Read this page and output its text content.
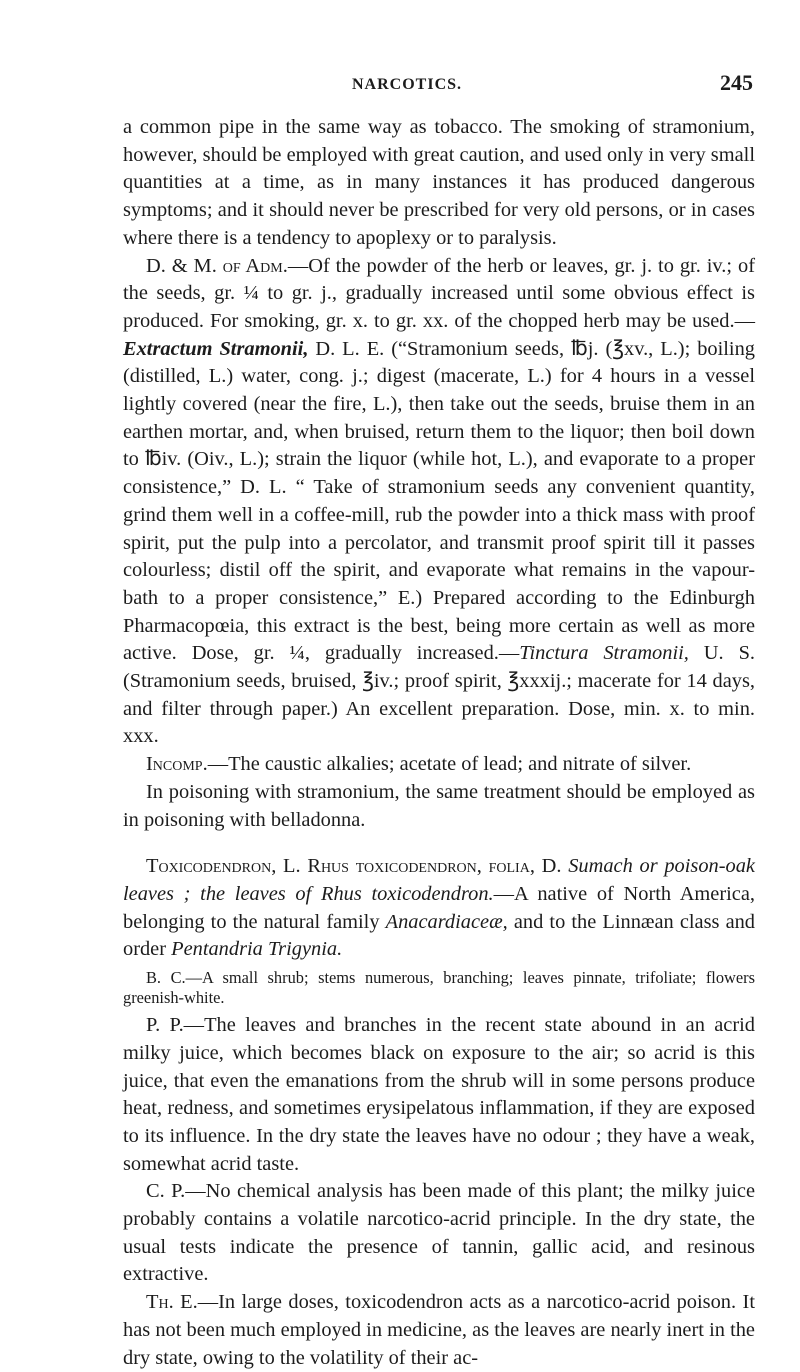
NARCOTICS.	245

a common pipe in the same way as tobacco. The smoking of stramonium, however, should be employed with great caution, and used only in very small quantities at a time, as in many instances it has produced dangerous symptoms; and it should never be prescribed for very old persons, or in cases where there is a tendency to apoplexy or to paralysis.

D. & M. of Adm.—Of the powder of the herb or leaves, gr. j. to gr. iv.; of the seeds, gr. ¼ to gr. j., gradually increased until some obvious effect is produced. For smoking, gr. x. to gr. xx. of the chopped herb may be used.—Extractum Stramonii, D. L. E. (“Stramonium seeds, ℔j. (℥xv., L.); boiling (distilled, L.) water, cong. j.; digest (macerate, L.) for 4 hours in a vessel lightly covered (near the fire, L.), then take out the seeds, bruise them in an earthen mortar, and, when bruised, return them to the liquor; then boil down to ℔iv. (Oiv., L.); strain the liquor (while hot, L.), and evaporate to a proper consistence,” D. L. “ Take of stramonium seeds any convenient quantity, grind them well in a coffee-mill, rub the powder into a thick mass with proof spirit, put the pulp into a percolator, and transmit proof spirit till it passes colourless; distil off the spirit, and evaporate what remains in the vapour-bath to a proper consistence,” E.) Prepared according to the Edinburgh Pharmacopœia, this extract is the best, being more certain as well as more active. Dose, gr. ¼, gradually increased.—Tinctura Stramonii, U. S. (Stramonium seeds, bruised, ℥iv.; proof spirit, ℥xxxij.; macerate for 14 days, and filter through paper.) An excellent preparation. Dose, min. x. to min. xxx.

Incomp.—The caustic alkalies; acetate of lead; and nitrate of silver.

In poisoning with stramonium, the same treatment should be employed as in poisoning with belladonna.

Toxicodendron, L. Rhus toxicodendron, folia, D. Sumach or poison-oak leaves ; the leaves of Rhus toxicodendron.—A native of North America, belonging to the natural family Anacardiaceæ, and to the Linnæan class and order Pentandria Trigynia.

B. C.—A small shrub; stems numerous, branching; leaves pinnate, trifoliate; flowers greenish-white.

P. P.—The leaves and branches in the recent state abound in an acrid milky juice, which becomes black on exposure to the air; so acrid is this juice, that even the emanations from the shrub will in some persons produce heat, redness, and sometimes erysipelatous inflammation, if they are exposed to its influence. In the dry state the leaves have no odour ; they have a weak, somewhat acrid taste.

C. P.—No chemical analysis has been made of this plant; the milky juice probably contains a volatile narcotico-acrid principle. In the dry state, the usual tests indicate the presence of tannin, gallic acid, and resinous extractive.

Th. E.—In large doses, toxicodendron acts as a narcotico-acrid poison. It has not been much employed in medicine, as the leaves are nearly inert in the dry state, owing to the volatility of their ac-
